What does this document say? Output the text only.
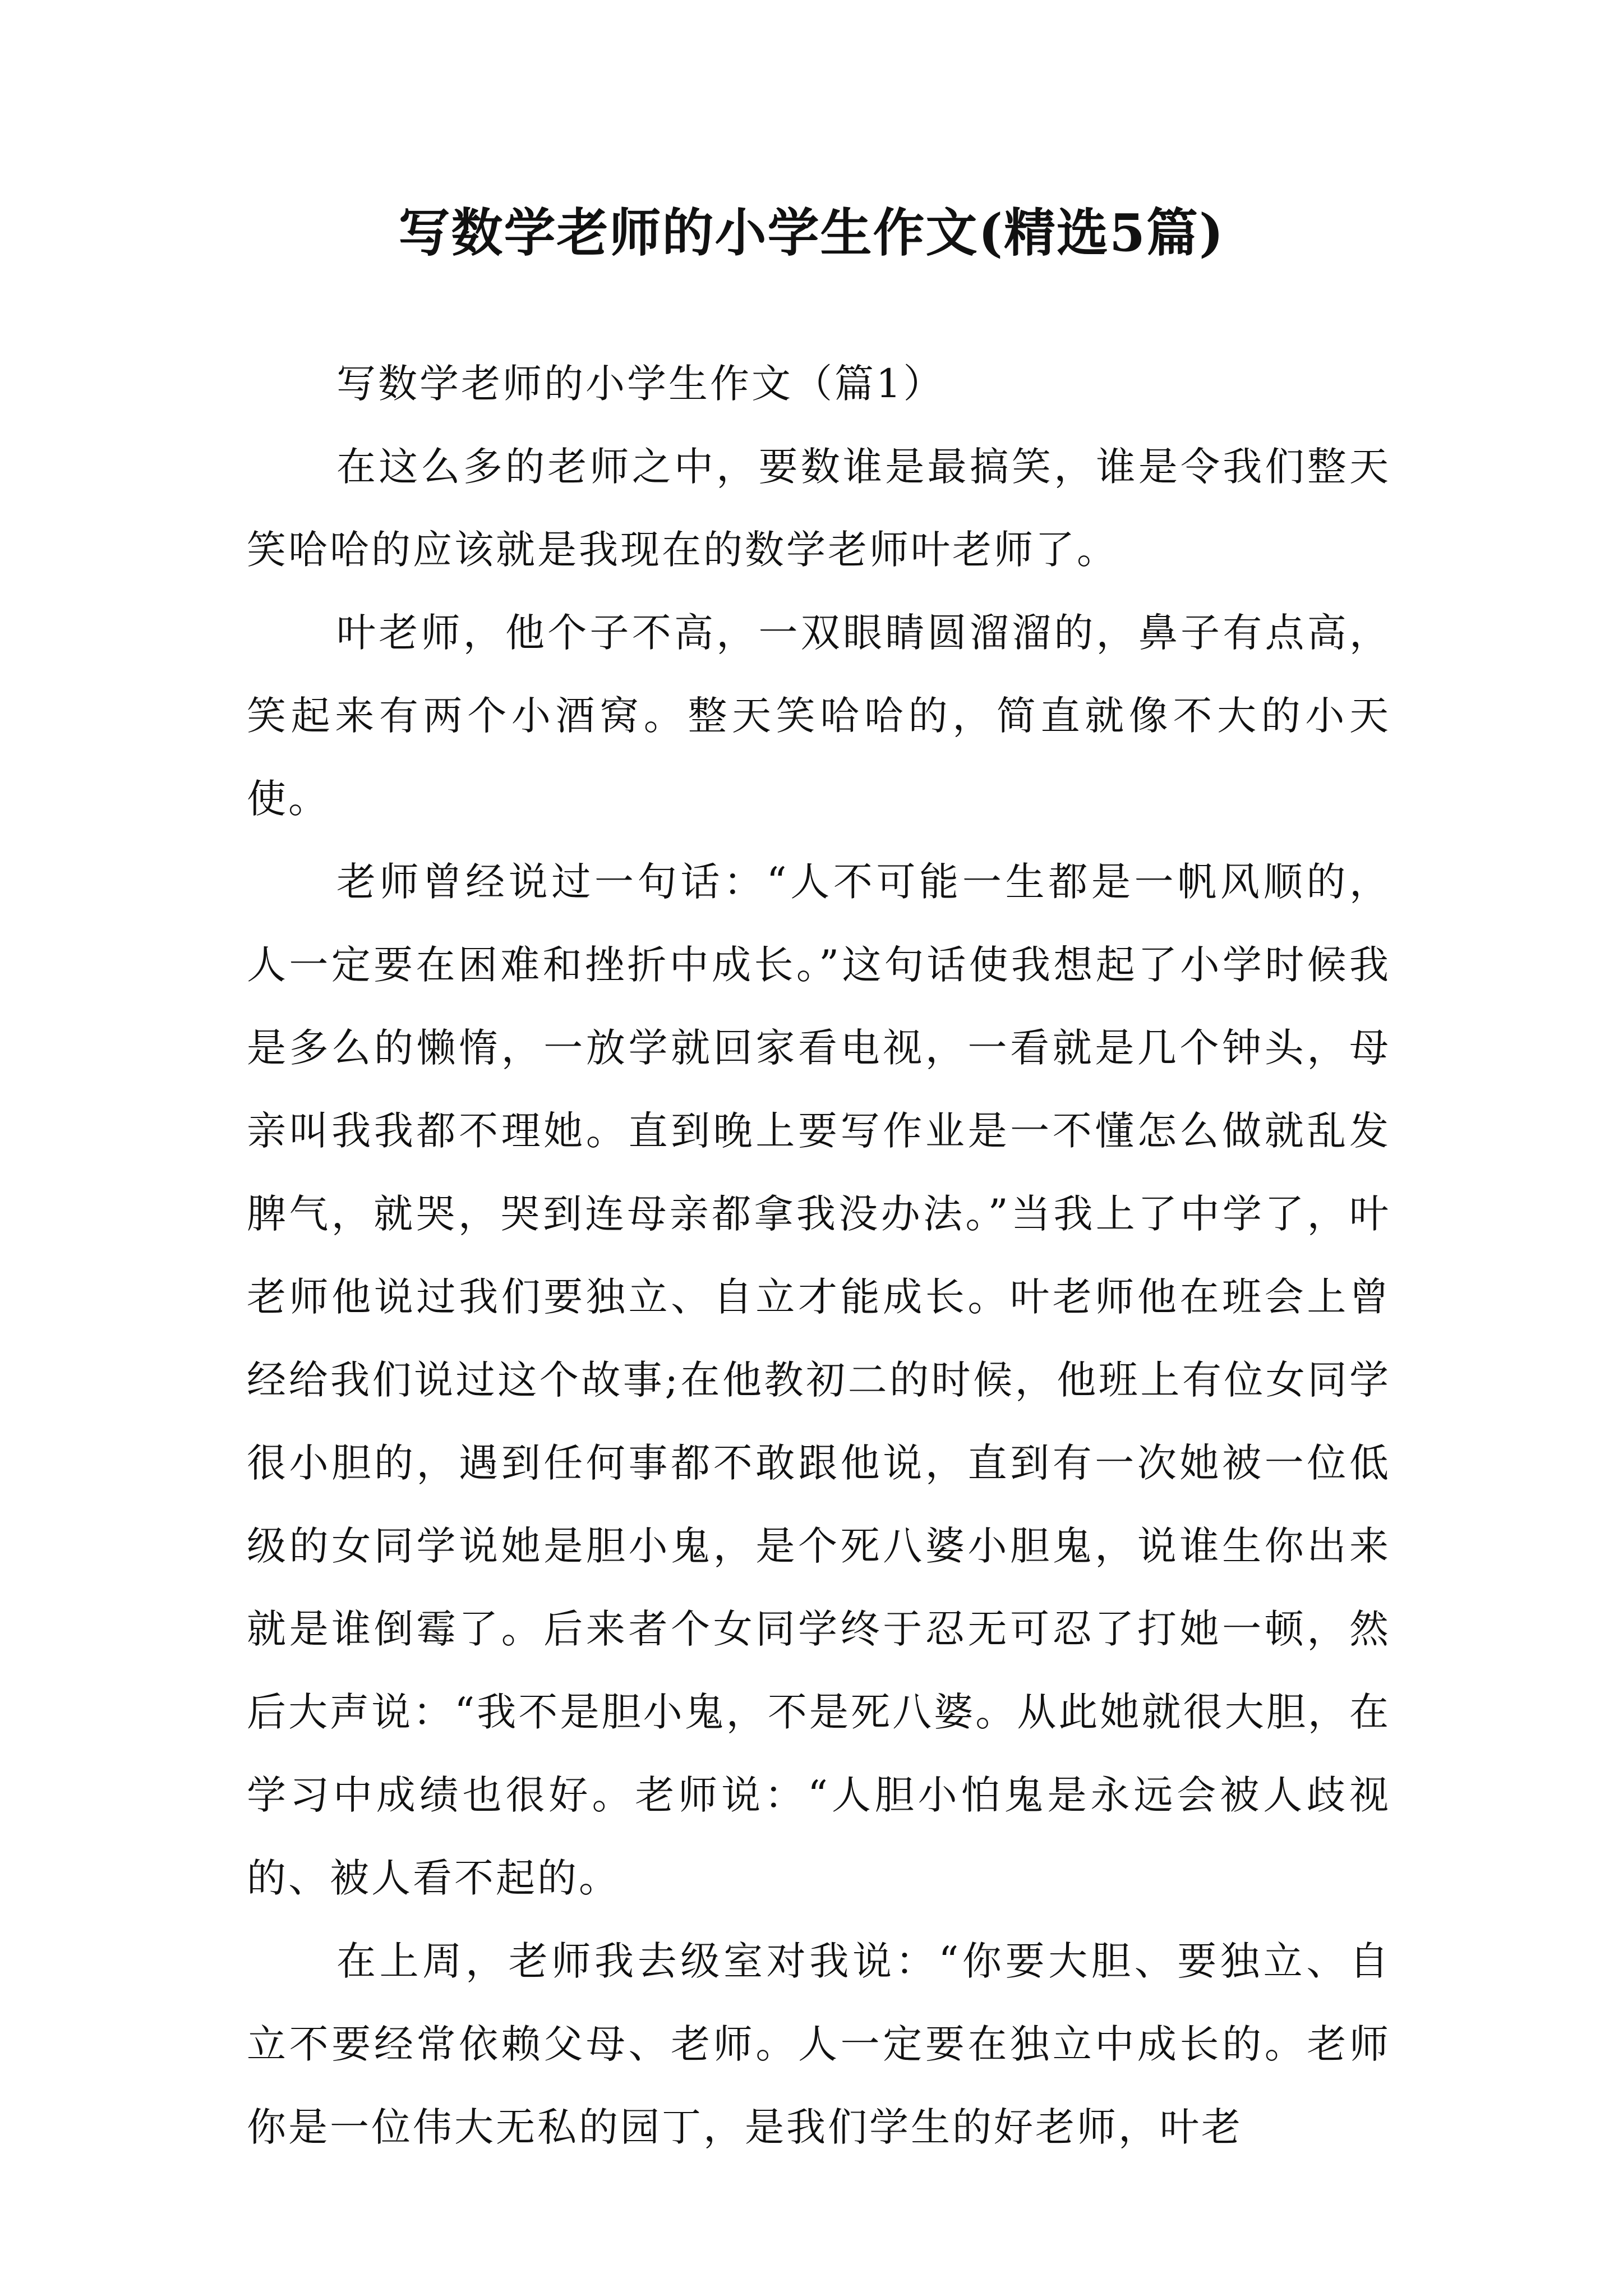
写数学老师的小学生作文(精选5篇)

写数学老师的小学生作文（篇1）

在这么多的老师之中，要数谁是最搞笑，谁是令我们整天笑哈哈的应该就是我现在的数学老师叶老师了。

叶老师，他个子不高，一双眼睛圆溜溜的，鼻子有点高，笑起来有两个小酒窝。整天笑哈哈的，简直就像不大的小天使。

老师曾经说过一句话：“人不可能一生都是一帆风顺的，人一定要在困难和挫折中成长。”这句话使我想起了小学时候我是多么的懒惰，一放学就回家看电视，一看就是几个钟头，母亲叫我我都不理她。直到晚上要写作业是一不懂怎么做就乱发脾气，就哭，哭到连母亲都拿我没办法。”当我上了中学了，叶老师他说过我们要独立、自立才能成长。叶老师他在班会上曾经给我们说过这个故事;在他教初二的时候，他班上有位女同学很小胆的，遇到任何事都不敢跟他说，直到有一次她被一位低级的女同学说她是胆小鬼，是个死八婆小胆鬼，说谁生你出来就是谁倒霉了。后来者个女同学终于忍无可忍了打她一顿，然后大声说：“我不是胆小鬼，不是死八婆。从此她就很大胆，在学习中成绩也很好。老师说：“人胆小怕鬼是永远会被人歧视的、被人看不起的。

在上周，老师我去级室对我说：“你要大胆、要独立、自立不要经常依赖父母、老师。人一定要在独立中成长的。老师你是一位伟大无私的园丁，是我们学生的好老师，叶老
